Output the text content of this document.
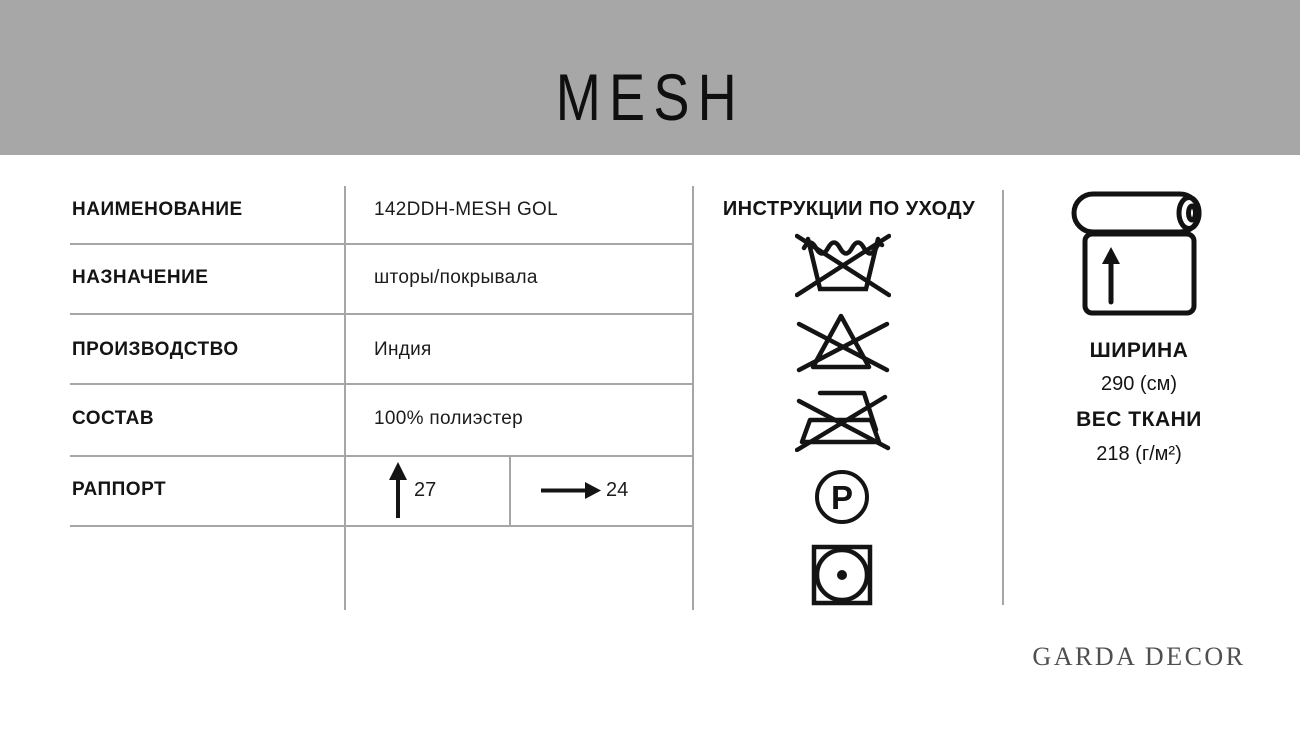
MESH
НАИМЕНОВАНИЕ
НАЗНАЧЕНИЕ
ПРОИЗВОДСТВО
СОСТАВ
РАППОРТ
142DDH-MESH GOL
шторы/покрывала
Индия
100% полиэстер
27	24
ИНСТРУКЦИИ ПО УХОДУ
P
ШИРИНА
290 (см)
ВЕС ТКАНИ
218 (г/м²)
GARDA DECOR
